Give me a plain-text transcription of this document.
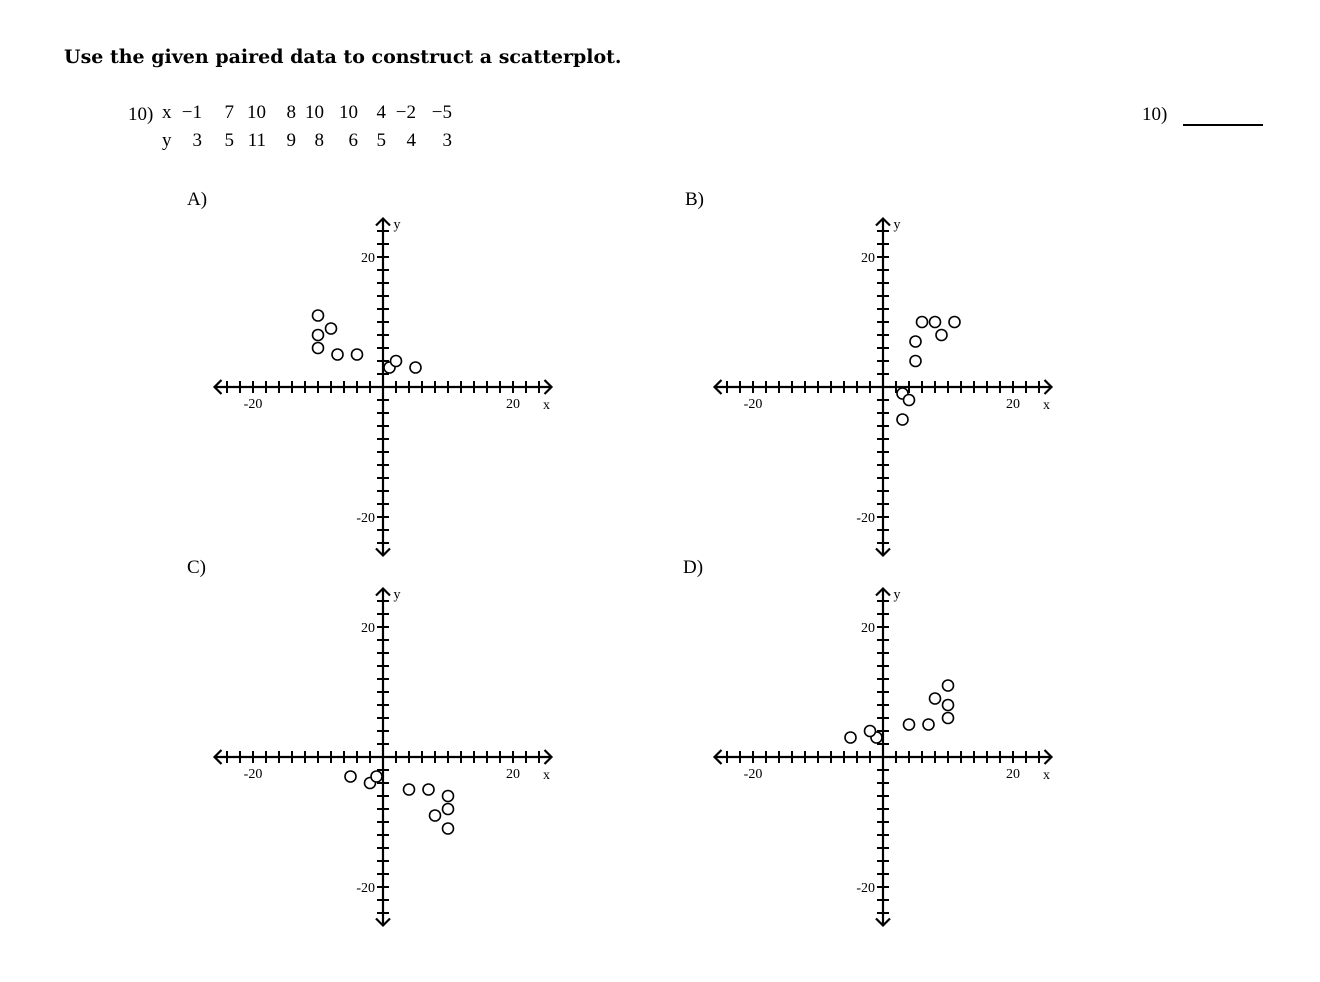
Use the given paired data to construct a scatterplot.
10) x −1	7 10	8 10 10 4 −2 −5
y	3	5 11	9 8	6 5	4	3
10)
A)	B)
C)	D)
-20	20
20
-20
x
y
-20	20
20
-20
x
y
-20	20
20
-20
x
y
-20	20
20
-20
x
y
